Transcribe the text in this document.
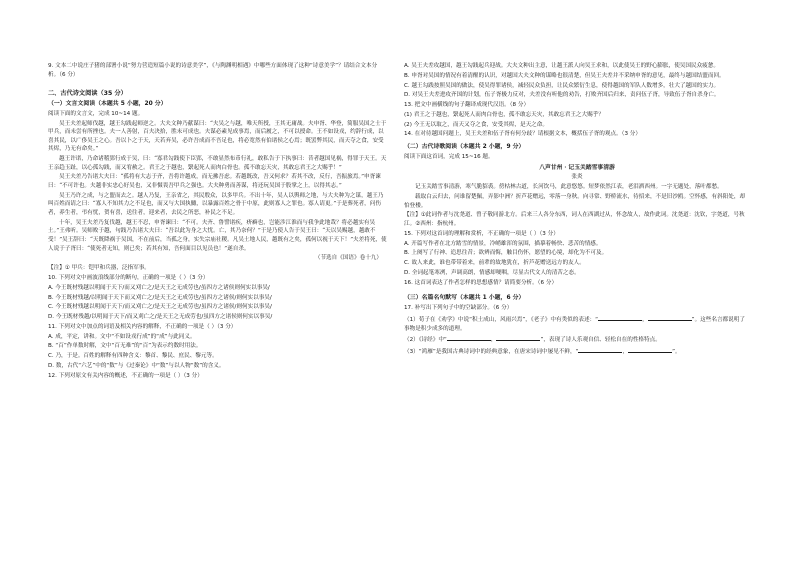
9. 文本二中说庄子猪的部署小说“努力营造短篇小说的诗意美学”，《与陶渊明相遇》中哪些方面体现了这种“诗意美学”？请结合文本分析。（6 分）

二、古代诗文阅读（35 分）

（一）文言文阅读（本题共 5 小题，20 分）

阅读下面的文言文，完成 10~14 题。

吴王夫差起师伐越，越王勾践起师逆之。大夫文种乃献谋曰：“夫吴之与越，唯天所授，王其无庸战。夫申胥、华登，简服吴国之士于甲兵，而未尝有所挫也。夫一人善射，百夫决拾，胜未可成也。夫谋必素见成事焉，而后履之，不可以授命。王不如设戎，约辞行成，以喜其民，以广侈吴王之心。吾以卜之于天，天若弃吴，必许吾成而不吾足也，将必宽然有伯诸侯之心焉；既罢弊其民，而天夺之食，安受其烬，乃无有命矣。”

越王许诺，乃命诸稽郢行成于吴，曰：“寡君勾践使下臣郢，不敢显然布币行礼，敢私告于下执事曰：昔者越国见祸，得罪于天王。天王亲趋玉趾，以心孤勾践，而又宥赦之。君王之于越也，繄起死人而肉白骨也。孤不敢忘天灾，其敢忘君王之大赐乎！”

吴王夫差乃告诸大夫曰：“孤将有大志于齐，吾将许越成，而无拂吾虑。若越既改，吾又何求？若其不改，反行，吾振旅焉。”申胥谏曰：“不可许也。夫越非实忠心好吴也，又非慑畏吾甲兵之强也。大夫种勇而善谋，将还玩吴国于股掌之上，以得其志。”

吴王乃许之成，与之盟而去之。越人乃复，王亲省之，其民殷众，以多甲兵。不出十年，吴人以舆师之地，与大夫种为之谋，越王乃叫百姓而请之曰：“寡人不知其力之不足也，而又与大国执雠，以暴露百姓之骨于中原，此则寡人之罪也。寡人请更。”于是葬死者，问伤者，养生者，弔有忧，贺有喜，送往者，迎来者，去民之所恶，补民之不足。

十年，吴王夫差乃复伐越，越王不忍，申胥谏曰：“不可。夫齐、鲁譬诸疾，疥癣也，岂能涉江淮而与我争此地哉？将必越实有吴土。”王弗听。吴师败于越，句践乃告诸大夫曰：“吾以此为身之大忧。亡，其乃奈何？”于是乃使人告于吴王曰：“天以吴赐越，越敢不受！”吴王辞曰：“天既降祸于吴国，不在前后，当孤之身，实失宗庙社稷。凡吴土地人民，越既有之矣，孤何以视于天下！”夫差将死，使人说于子胥曰：“使死者无知，则已矣；若其有知，吾何面目以见员也！”遂自杀。

（节选自《国语》卷十九）

【注】① 甲兵：铠甲和兵器，泛指军事。

10. 下列对文中画波浪线部分的断句，正确的一项是（ ）（3 分）

A. 今王既材残越以明闻于天下/而又刈亡之/是天王之无成劳也/虽四方之诸侯则何实以事吴/

B. 今王既材残越/以明闻于天下而又刈亡之/是天王之无成劳也/虽四方之诸侯/则何实以事吴/

C. 今王既材残越以明闻于天下/而又刈亡之/是天王之无成劳也/虽四方之诸侯/则何实以事吴/

D. 今王既材残越/以明闻于天下/而又刈亡之/是天王之无成劳也/虽四方之诸侯则何实以事吴/

11. 下列对文中加点的词语及相关内容的解释，不正确的一项是（ ）（3 分）

A. 成，平定，讲和。文中“不如设戎行成”的“成”与此同义。

B. “百”作单数时解，文中“百无难”的“百”为表示约数时用法。

C. 乃，于是。百姓的解释有四种含义：黎首、黎民、庶民、黎元等。

D. 数，古代“六艺”中的“数”与《过秦论》中“数”与以人物“数”的含义。

12. 下列对原文有关内容的概述，不正确的一项是（ ）（3 分）

A. 吴王夫差攻越国，越王勾践起兵迎战。大夫文种出主意，让越王派人向吴王求和，以此使吴王的野心膨胀，使吴国民众疲惫。

B. 申胥对吴国的情况有着清醒的认识，对越国大夫文种的谋略也很清楚，但吴王夫差并不采纳申胥的意见，最终与越国结盟而回。

C. 越王勾践按照吴国的做法，使吴得罪诸侯，减轻民众负担，让民众繁衍生息，使得越国的军队人数增多，壮大了越国的实力。

D. 对吴王夫差进攻齐国的计划，伍子胥极力反对，夫差没有听他的劝告，打败齐国后归来，责问伍子胥，导致伍子胥自杀身亡。

13. 把文中画横线的句子翻译成现代汉语。（8 分）

(1) 君王之于越也，繄起死人而肉白骨也，孤不敢忘天灾，其敢忘君王之大赐乎？

(2) 今王无以取之，而天又夺之食，安受其烬，是天之命。

14. 在对待越国问题上，吴王夫差和伍子胥有何分歧？请根据文本，概括伍子胥的观点。（3 分）

（二）古代诗歌阅读（本题共 2 小题，9 分）

阅读下面这首词，完成 15~16 题。

八声甘州 · 记玉关踏雪事清游

张炎

记玉关踏雪事清游，寒气脆貂裘。傍枯林古道，长河饮马，此意悠悠。短梦依然江表，老泪洒西州。一字无题处，落叶都愁。

载取白云归去，问谁留楚佩，弄影中洲？折芦花赠远，零落一身秋。向寻常、野桥流水，待招来，不是旧沙鸥。空怀感，有斜阳处，却怕登楼。

【注】①此词作者与沈尧道、曾子敬同游北方。后来三人各分东西，词人在西湖过从，怀念故人，故作此词。沈尧道：沈钦，字尧道，号秋江。②西州：指杭州。

15. 下列对这首词的理解和赏析，不正确的一项是（ ）（3 分）

A. 开篇写作者在北方踏雪的情景，冷峭雄浑的氛围，描摹着畅快、悲苦的情感。

B. 上阕写了行神、追思往昔；欲辨而悔，触目伤怀，愿望的心境，却化为不可及。

C. 故人来此，谁也带带着来，前辈的故地犹在，折芦花赠送远方的友人。

D. 全词起笔寒冽，声调高朗，情感却哽咽，尽显古代文人的清苦之态。

16. 这首词表达了作者怎样的思想感情？请简要分析。（6 分）

（三）名篇名句默写（本题共 1 小题，6 分）

17. 补写出下列句子中的空缺部分。（6 分）

（1）荀子在《劝学》中说“积土成山，风雨兴焉”，《老子》中有类似的表述：“	，	”。这些名言都说明了事物是积少成多的道理。

（2）《诗经》中“	，	”，表现了诗人乐观自信、轻松自在的性格特点。

（3）“鸿雁”是我国古典诗词中的经典意象，在唐宋诗词中屡见不鲜，“	，	”。
